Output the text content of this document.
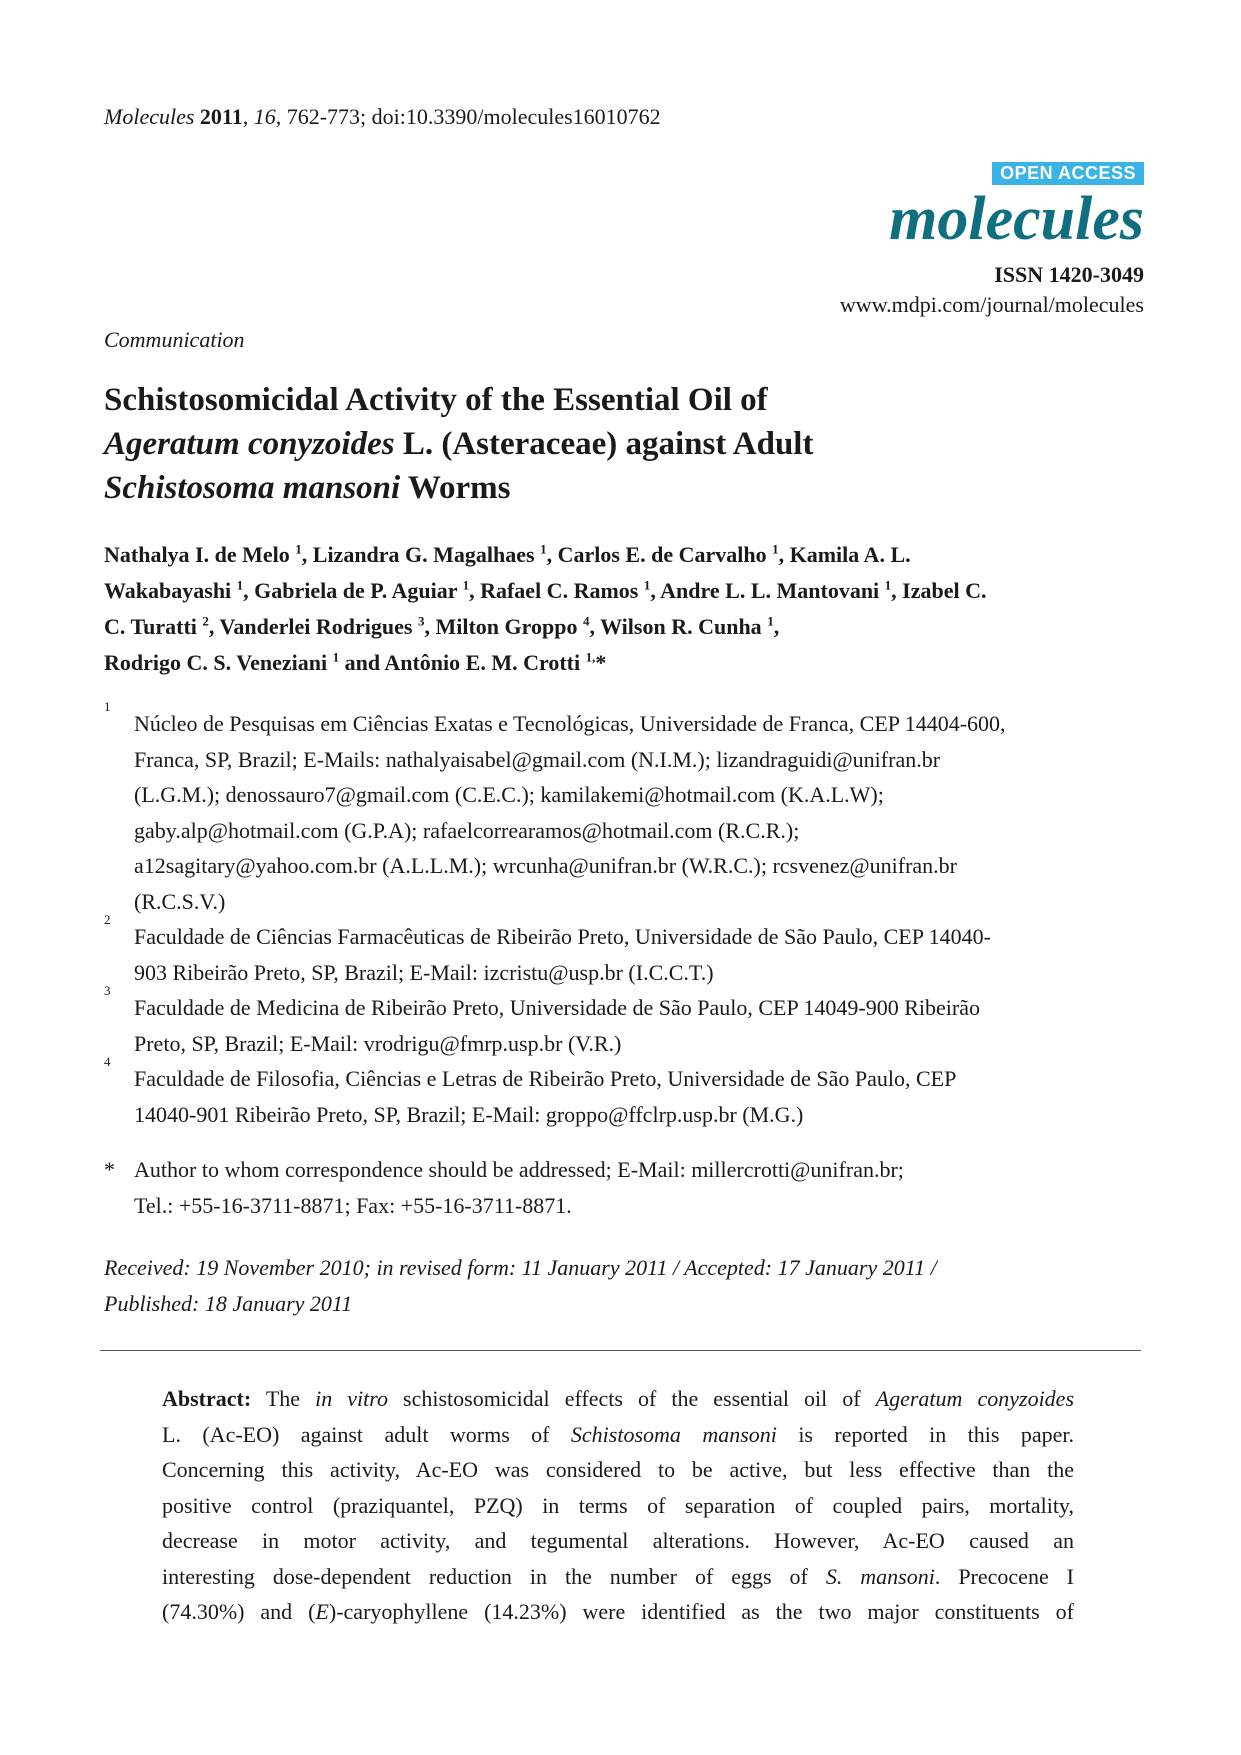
Molecules 2011, 16, 762-773; doi:10.3390/molecules16010762
OPEN ACCESS
molecules
ISSN 1420-3049
www.mdpi.com/journal/molecules
Communication
Schistosomicidal Activity of the Essential Oil of
Ageratum conyzoides L. (Asteraceae) against Adult
Schistosoma mansoni Worms
Nathalya I. de Melo $^1$, Lizandra G. Magalhaes $^1$, Carlos E. de Carvalho $^1$, Kamila A. L.
Wakabayashi $^1$, Gabriela de P. Aguiar $^1$, Rafael C. Ramos $^1$, Andre L. L. Mantovani $^1$, Izabel C.
C. Turatti $^2$, Vanderlei Rodrigues $^3$, Milton Groppo $^4$, Wilson R. Cunha $^1$,
Rodrigo C. S. Veneziani $^1$ and Antônio E. M. Crotti $^{1,}$*
1
Núcleo de Pesquisas em Ciências Exatas e Tecnológicas, Universidade de Franca, CEP 14404-600,
Franca, SP, Brazil; E-Mails: nathalyaisabel@gmail.com (N.I.M.); lizandraguidi@unifran.br
(L.G.M.); denossauro7@gmail.com (C.E.C.); kamilakemi@hotmail.com (K.A.L.W);
gaby.alp@hotmail.com (G.P.A); rafaelcorrearamos@hotmail.com (R.C.R.);
a12sagitary@yahoo.com.br (A.L.L.M.); wrcunha@unifran.br (W.R.C.); rcsvenez@unifran.br
(R.C.S.V.)
2
Faculdade de Ciências Farmacêuticas de Ribeirão Preto, Universidade de São Paulo, CEP 14040-
903 Ribeirão Preto, SP, Brazil; E-Mail: izcristu@usp.br (I.C.C.T.)
3
Faculdade de Medicina de Ribeirão Preto, Universidade de São Paulo, CEP 14049-900 Ribeirão
Preto, SP, Brazil; E-Mail: vrodrigu@fmrp.usp.br (V.R.)
4
Faculdade de Filosofia, Ciências e Letras de Ribeirão Preto, Universidade de São Paulo, CEP
14040-901 Ribeirão Preto, SP, Brazil; E-Mail: groppo@ffclrp.usp.br (M.G.)
* Author to whom correspondence should be addressed; E-Mail: millercrotti@unifran.br;
Tel.: +55-16-3711-8871; Fax: +55-16-3711-8871.
Received: 19 November 2010; in revised form: 11 January 2011 / Accepted: 17 January 2011 /
Published: 18 January 2011
Abstract: The in vitro schistosomicidal effects of the essential oil of Ageratum conyzoides
L. (Ac-EO) against adult worms of Schistosoma mansoni is reported in this paper.
Concerning this activity, Ac-EO was considered to be active, but less effective than the
positive control (praziquantel, PZQ) in terms of separation of coupled pairs, mortality,
decrease in motor activity, and tegumental alterations. However, Ac-EO caused an
interesting dose-dependent reduction in the number of eggs of S. mansoni. Precocene I
(74.30%) and (E)-caryophyllene (14.23%) were identified as the two major constituents of
